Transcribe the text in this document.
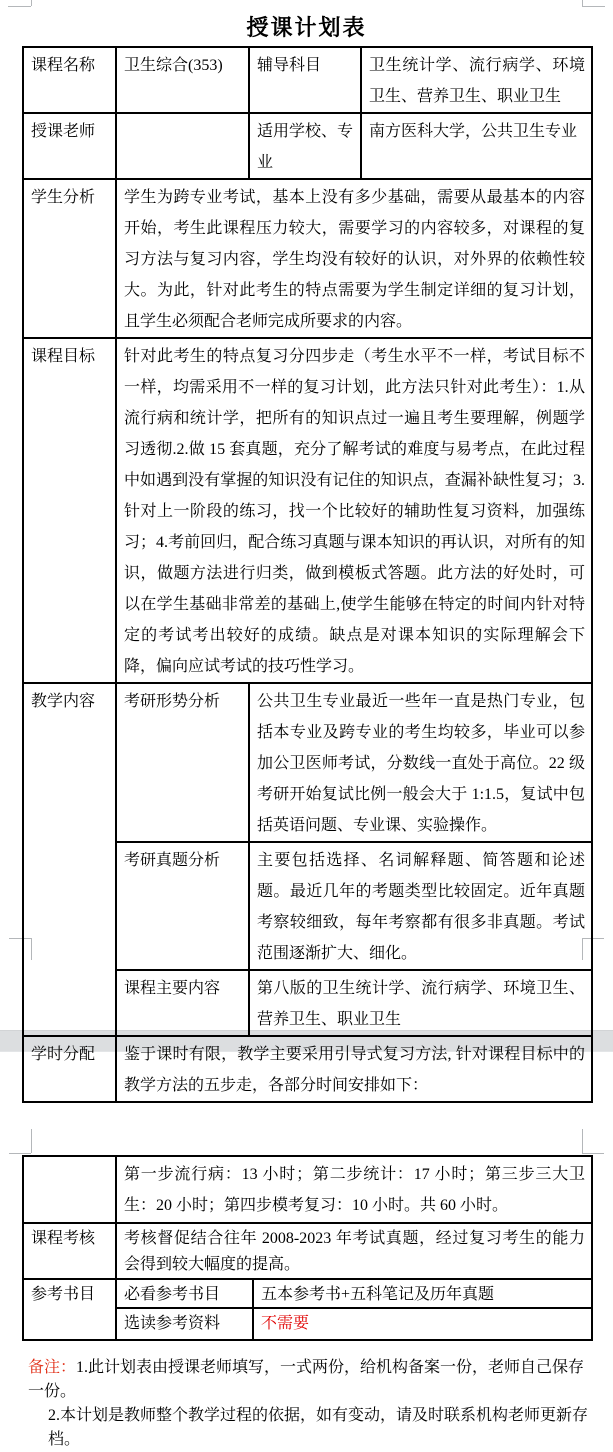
授课计划表
课程名称	卫生综合(353)	辅导科目	卫生统计学、流行病学、环境卫生、营养卫生、职业卫生
授课老师		适用学校、专业	南方医科大学，公共卫生专业
学生分析	学生为跨专业考试，基本上没有多少基础，需要从最基本的内容开始，考生此课程压力较大，需要学习的内容较多，对课程的复习方法与复习内容，学生均没有较好的认识，对外界的依赖性较大。为此，针对此考生的特点需要为学生制定详细的复习计划，且学生必须配合老师完成所要求的内容。		
课程目标	针对此考生的特点复习分四步走（考生水平不一样，考试目标不一样，均需采用不一样的复习计划，此方法只针对此考生）：1.从流行病和统计学，把所有的知识点过一遍且考生要理解，例题学习透彻.2.做 15 套真题，充分了解考试的难度与易考点，在此过程中如遇到没有掌握的知识没有记住的知识点，查漏补缺性复习；3.针对上一阶段的练习，找一个比较好的辅助性复习资料，加强练习；4.考前回归，配合练习真题与课本知识的再认识，对所有的知识，做题方法进行归类，做到模板式答题。此方法的好处时，可以在学生基础非常差的基础上,使学生能够在特定的时间内针对特定的考试考出较好的成绩。缺点是对课本知识的实际理解会下降，偏向应试考试的技巧性学习。		
教学内容	考研形势分析	公共卫生专业最近一些年一直是热门专业，包括本专业及跨专业的考生均较多，毕业可以参加公卫医师考试，分数线一直处于高位。22 级考研开始复试比例一般会大于 1:1.5，复试中包括英语问题、专业课、实验操作。	
	考研真题分析	主要包括选择、名词解释题、简答题和论述题。最近几年的考题类型比较固定。近年真题考察较细致，每年考察都有很多非真题。考试范围逐渐扩大、细化。	
	课程主要内容	第八版的卫生统计学、流行病学、环境卫生、营养卫生、职业卫生	
学时分配	鉴于课时有限，教学主要采用引导式复习方法, 针对课程目标中的教学方法的五步走，各部分时间安排如下：		
	第一步流行病：13 小时；第二步统计：17 小时；第三步三大卫生：20 小时；第四步模考复习：10 小时。共 60 小时。	
课程考核	考核督促结合往年 2008-2023 年考试真题，经过复习考生的能力会得到较大幅度的提高。	
参考书目	必看参考书目	五本参考书+五科笔记及历年真题
	选读参考资料	不需要
备注：1.此计划表由授课老师填写，一式两份，给机构备案一份，老师自己保存一份。
2.本计划是教师整个教学过程的依据，如有变动，请及时联系机构老师更新存档。
